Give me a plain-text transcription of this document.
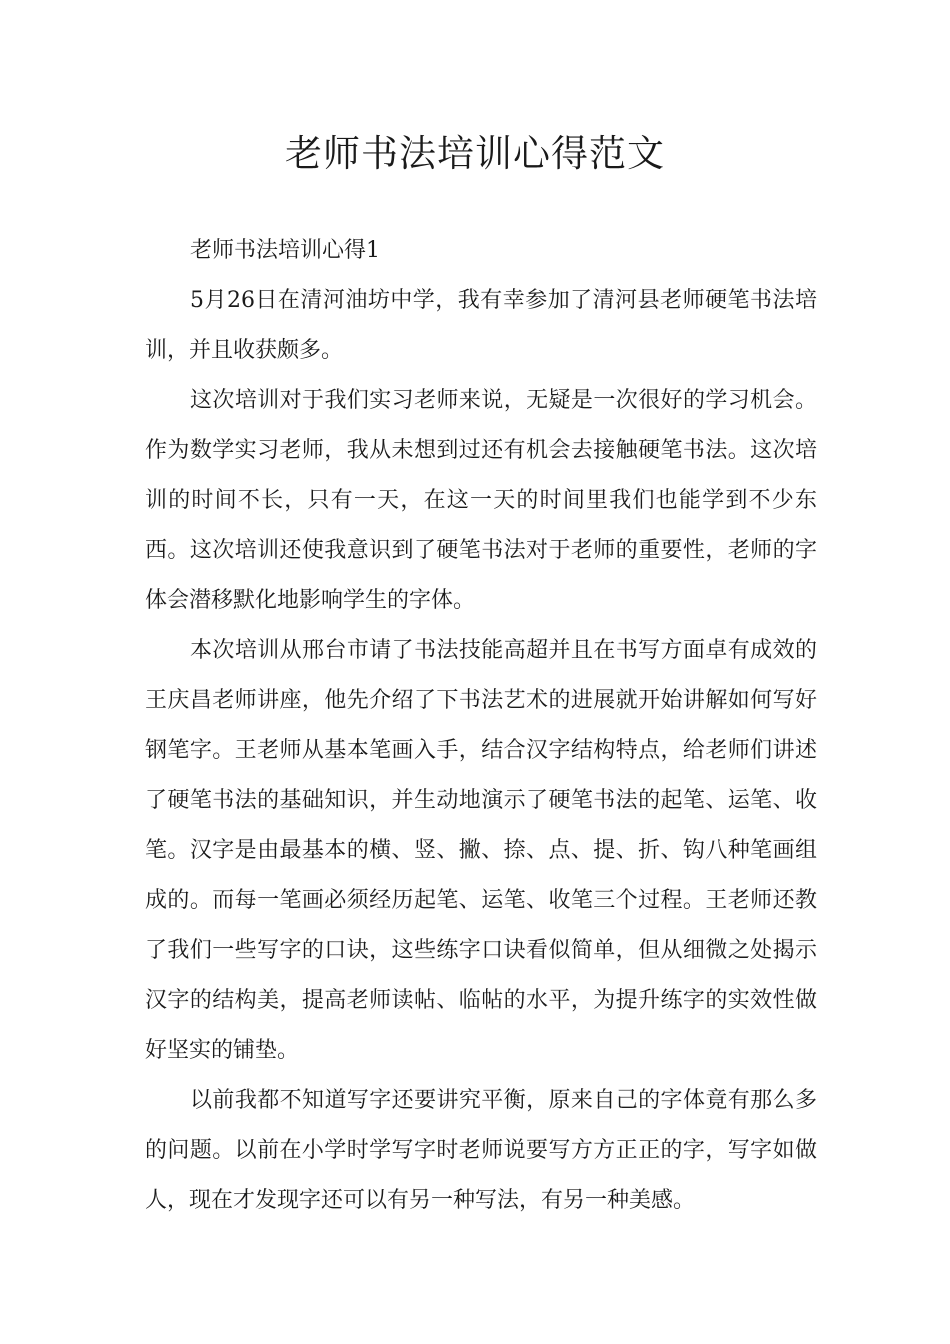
老师书法培训心得范文

老师书法培训心得1

5月26日在清河油坊中学，我有幸参加了清河县老师硬笔书法培训，并且收获颇多。

这次培训对于我们实习老师来说，无疑是一次很好的学习机会。作为数学实习老师，我从未想到过还有机会去接触硬笔书法。这次培训的时间不长，只有一天，在这一天的时间里我们也能学到不少东西。这次培训还使我意识到了硬笔书法对于老师的重要性，老师的字体会潜移默化地影响学生的字体。

本次培训从邢台市请了书法技能高超并且在书写方面卓有成效的王庆昌老师讲座，他先介绍了下书法艺术的进展就开始讲解如何写好钢笔字。王老师从基本笔画入手，结合汉字结构特点，给老师们讲述了硬笔书法的基础知识，并生动地演示了硬笔书法的起笔、运笔、收笔。汉字是由最基本的横、竖、撇、捺、点、提、折、钩八种笔画组成的。而每一笔画必须经历起笔、运笔、收笔三个过程。王老师还教了我们一些写字的口诀，这些练字口诀看似简单，但从细微之处揭示汉字的结构美，提高老师读帖、临帖的水平，为提升练字的实效性做好坚实的铺垫。

以前我都不知道写字还要讲究平衡，原来自己的字体竟有那么多的问题。以前在小学时学写字时老师说要写方方正正的字，写字如做人，现在才发现字还可以有另一种写法，有另一种美感。
